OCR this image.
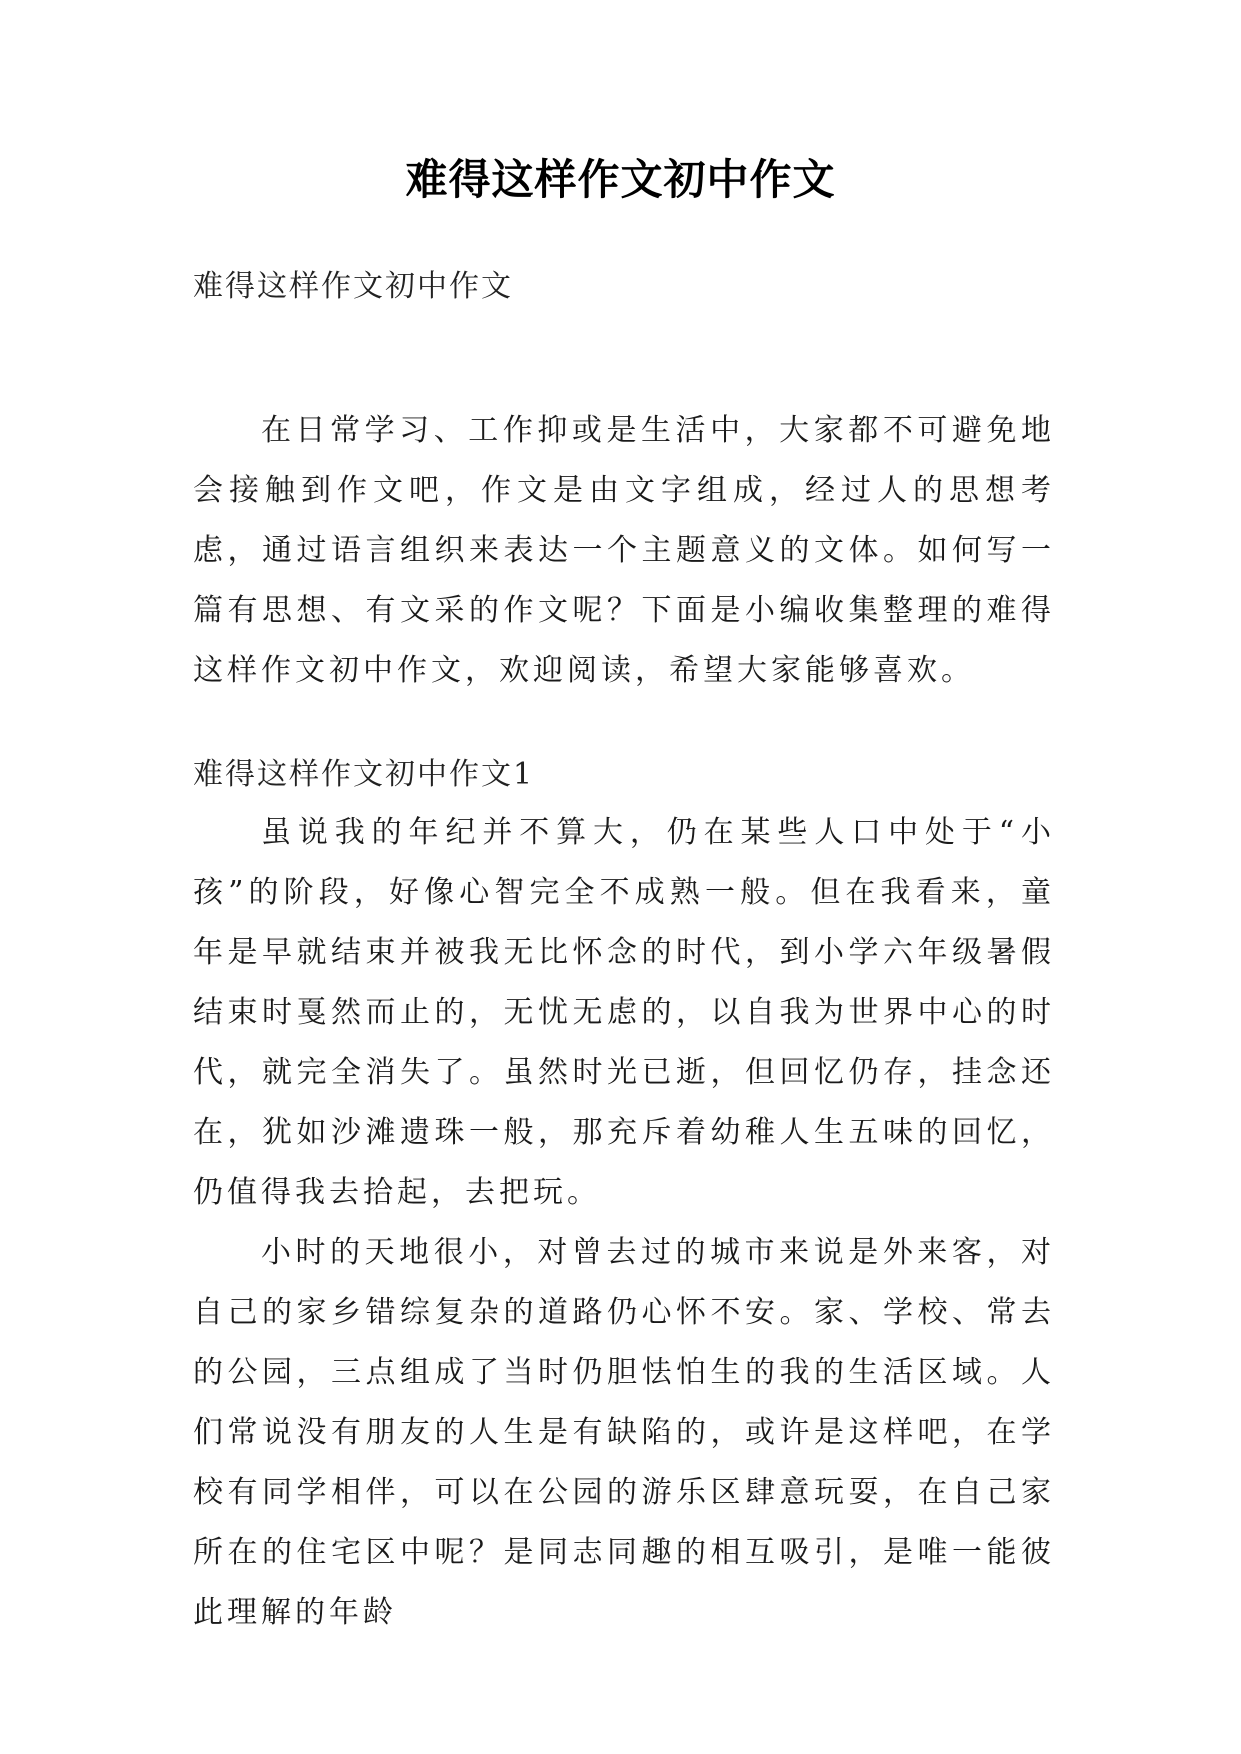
难得这样作文初中作文
难得这样作文初中作文

在日常学习、工作抑或是生活中，大家都不可避免地会接触到作文吧，作文是由文字组成，经过人的思想考虑，通过语言组织来表达一个主题意义的文体。如何写一篇有思想、有文采的作文呢？下面是小编收集整理的难得这样作文初中作文，欢迎阅读，希望大家能够喜欢。

难得这样作文初中作文1

虽说我的年纪并不算大，仍在某些人口中处于“小孩”的阶段，好像心智完全不成熟一般。但在我看来，童年是早就结束并被我无比怀念的时代，到小学六年级暑假结束时戛然而止的，无忧无虑的，以自我为世界中心的时代，就完全消失了。虽然时光已逝，但回忆仍存，挂念还在，犹如沙滩遗珠一般，那充斥着幼稚人生五味的回忆，仍值得我去拾起，去把玩。

小时的天地很小，对曾去过的城市来说是外来客，对自己的家乡错综复杂的道路仍心怀不安。家、学校、常去的公园，三点组成了当时仍胆怯怕生的我的生活区域。人们常说没有朋友的人生是有缺陷的，或许是这样吧，在学校有同学相伴，可以在公园的游乐区肆意玩耍，在自己家所在的住宅区中呢？是同志同趣的相互吸引，是唯一能彼此理解的年龄
